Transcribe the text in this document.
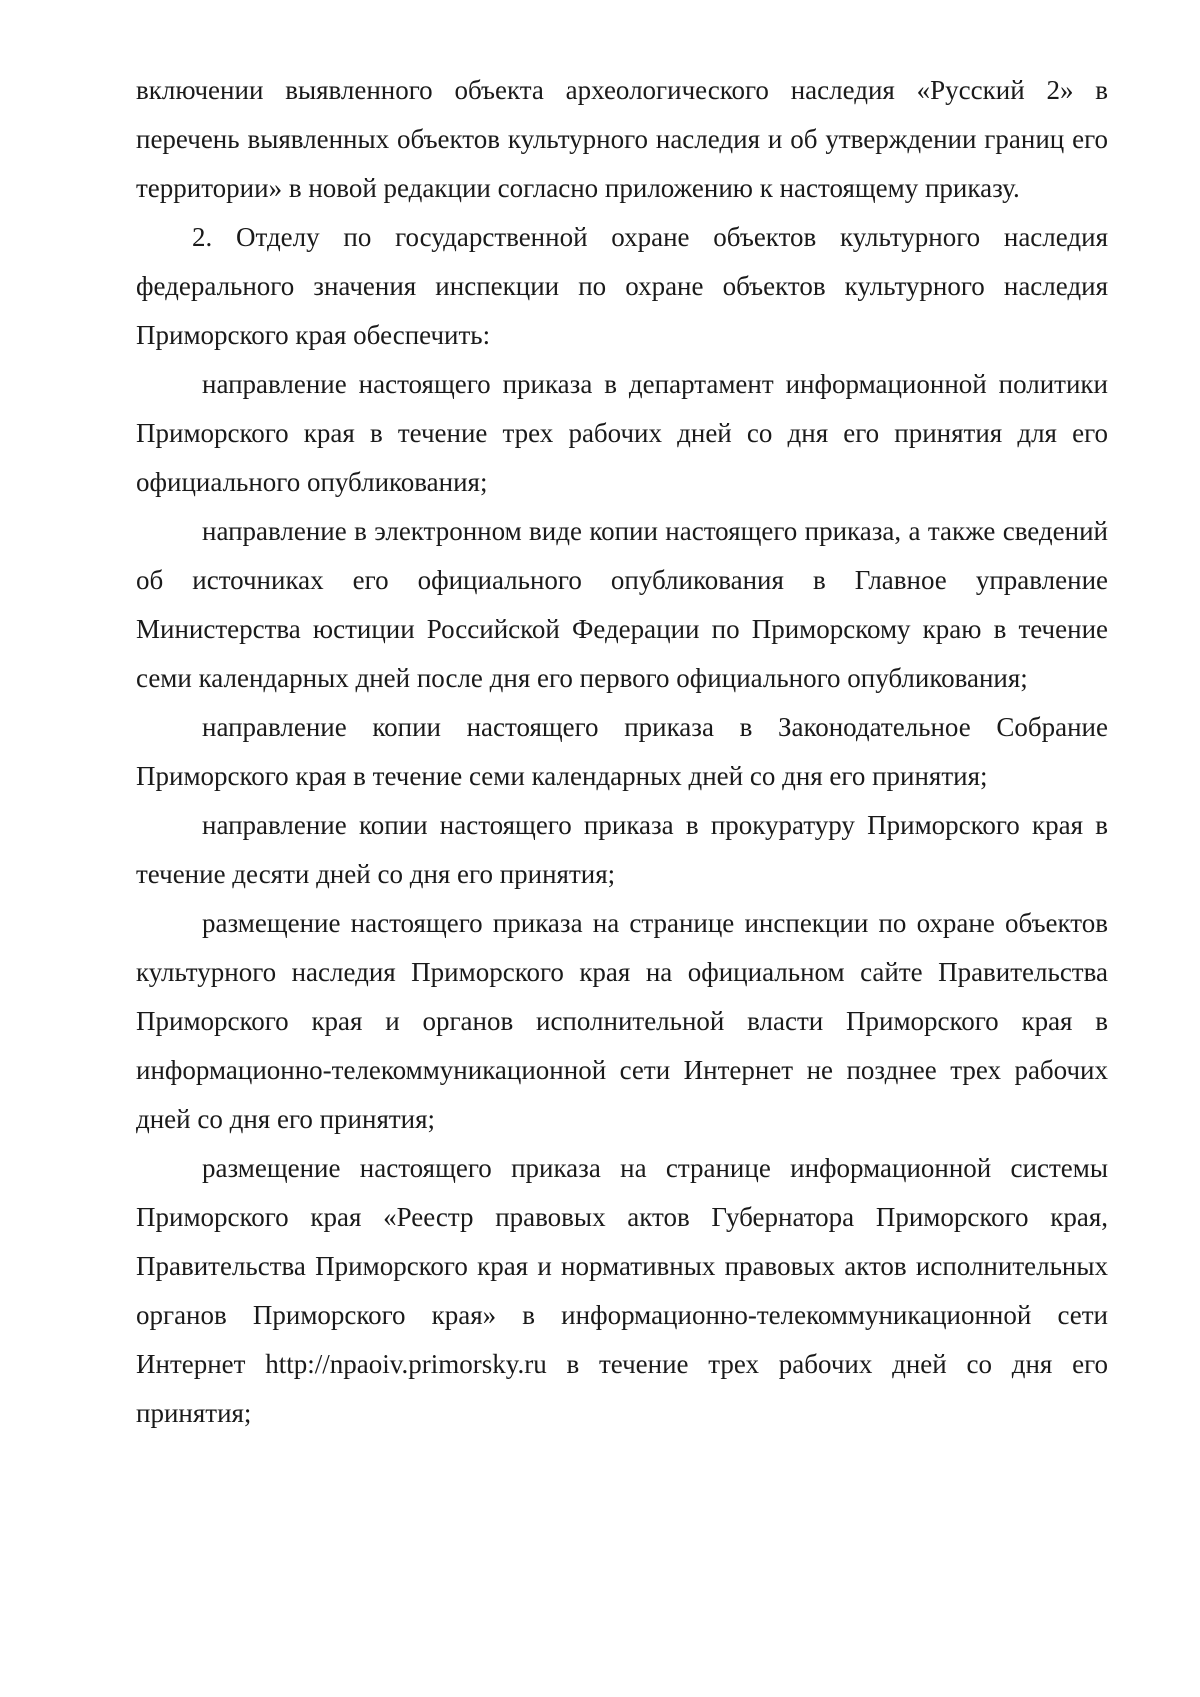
включении выявленного объекта археологического наследия «Русский 2» в перечень выявленных объектов культурного наследия и об утверждении границ его территории» в новой редакции согласно приложению к настоящему приказу.

2. Отделу по государственной охране объектов культурного наследия федерального значения инспекции по охране объектов культурного наследия Приморского края обеспечить:

направление настоящего приказа в департамент информационной политики Приморского края в течение трех рабочих дней со дня его принятия для его официального опубликования;

направление в электронном виде копии настоящего приказа, а также сведений об источниках его официального опубликования в Главное управление Министерства юстиции Российской Федерации по Приморскому краю в течение семи календарных дней после дня его первого официального опубликования;

направление копии настоящего приказа в Законодательное Собрание Приморского края в течение семи календарных дней со дня его принятия;

направление копии настоящего приказа в прокуратуру Приморского края в течение десяти дней со дня его принятия;

размещение настоящего приказа на странице инспекции по охране объектов культурного наследия Приморского края на официальном сайте Правительства Приморского края и органов исполнительной власти Приморского края в информационно-телекоммуникационной сети Интернет не позднее трех рабочих дней со дня его принятия;

размещение настоящего приказа на странице информационной системы Приморского края «Реестр правовых актов Губернатора Приморского края, Правительства Приморского края и нормативных правовых актов исполнительных органов Приморского края» в информационно-телекоммуникационной сети Интернет http://npaoiv.primorsky.ru в течение трех рабочих дней со дня его принятия;
